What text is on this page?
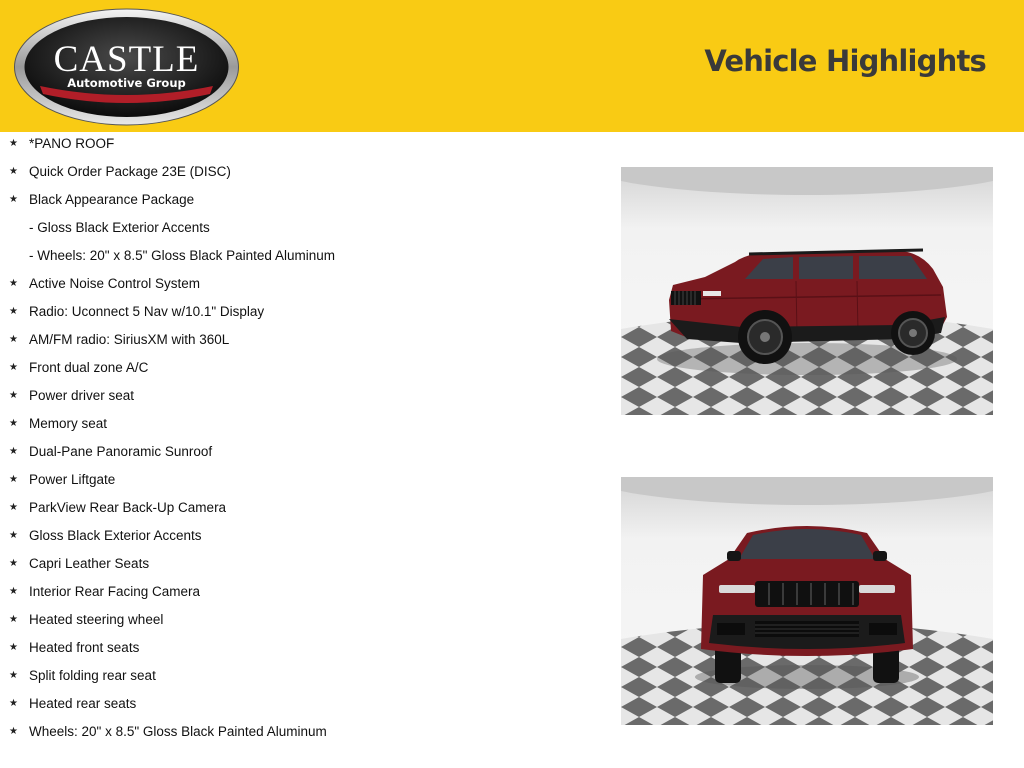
CASTLE
Automotive Group
Vehicle Highlights
★ *PANO ROOF
★ Quick Order Package 23E (DISC)
★ Black Appearance Package
- Gloss Black Exterior Accents
- Wheels: 20" x 8.5" Gloss Black Painted Aluminum
★ Active Noise Control System
★ Radio: Uconnect 5 Nav w/10.1" Display
★ AM/FM radio: SiriusXM with 360L
★ Front dual zone A/C
★ Power driver seat
★ Memory seat
★ Dual-Pane Panoramic Sunroof
★ Power Liftgate
★ ParkView Rear Back-Up Camera
★ Gloss Black Exterior Accents
★ Capri Leather Seats
★ Interior Rear Facing Camera
★ Heated steering wheel
★ Heated front seats
★ Split folding rear seat
★ Heated rear seats
★ Wheels: 20" x 8.5" Gloss Black Painted Aluminum
